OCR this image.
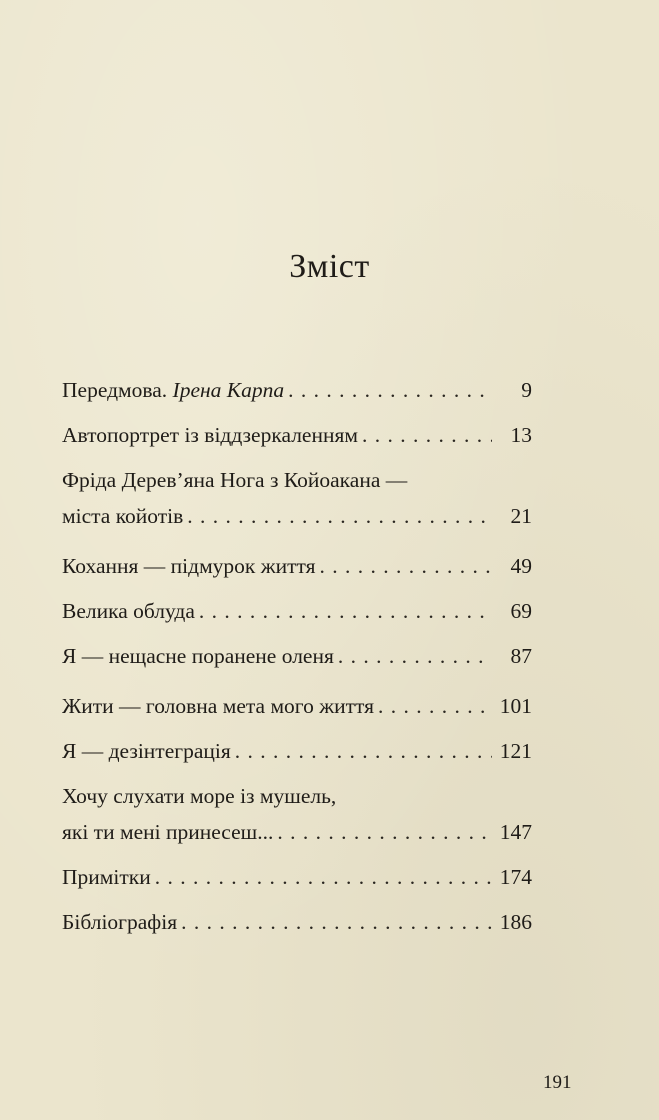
Зміст
Передмова. Ірена Карпа . . .	9
Автопортрет із віддзеркаленням . . .	13
Фріда Дерев’яна Нога з Койоакана —
міста койотів . . .	21
Кохання — підмурок життя . . .	49
Велика облуда . . .	69
Я — нещасне поранене оленя . . .	87
Жити — головна мета мого життя . . .	101
Я — дезінтеграція . . .	121
Хочу слухати море із мушель,
які ти мені принесеш... . . .	147
Примітки . . .	174
Бібліографія . . .	186
191
